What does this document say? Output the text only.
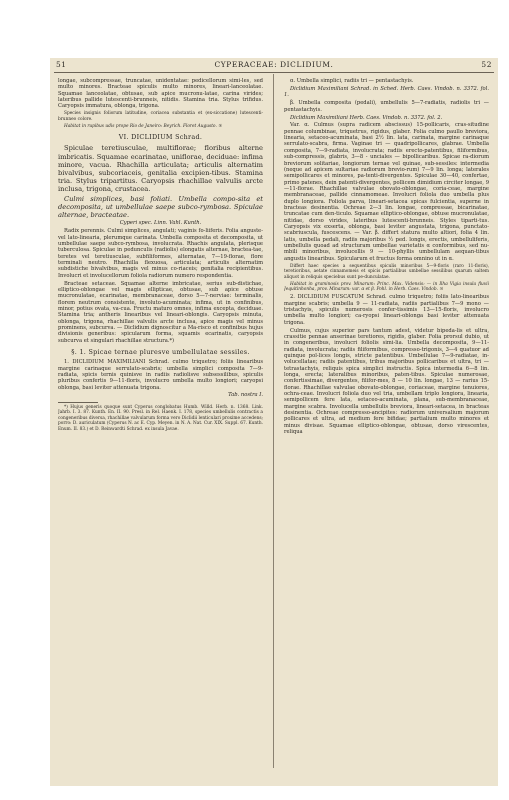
51	CYPERACEAE: DICLIDIUM.	52

longae, subcompressae, truncatae, unidentatae: pedicellorum simi-les, sed multo minores. Bracteae spiculis multo minores, lineari-lanceolatae. Squamae lanceolatae, obtusae, sub apice mucronu-latae, carina virides; lateribus pallide lutescenti-brunneis, nitidis. Stamina tria. Stylus trifidus. Caryopsis immatura, oblonga, trigona.

Species insignis foliorum latitudine, coriacea substantia et (ex-siccatione) lutescenti-brunneo colore.

Habitat in rupibus udis prope Rio de Janeiro: Beyrich. Floret Augusto. ♃

VI. DICLIDIUM Schrad.

Spiculae teretiusculae, multiflorae; floribus alterne imbricatis. Squamae ecarinatae, uniflorae, deciduae: infima minore, vacua. Rhachilla articulata; articulis alternatim bivalvibus, subcoriaceis, genitalia excipien-tibus. Stamina tria. Stylus tripartitus. Caryopsis rhachillae valvulis arcte inclusa, trigona, crustacea.

Culmi simplices, basi foliati. Umbella compo-sita et decomposita, ut umbellulae saepe subco-rymbosa. Spiculae alternae, bracteatae.

Cyperi spec. Linn. Vahl. Kunth.

Radix perennis. Culmi simplices, angulati; vaginis fo-liiferis. Folia anguste- vel lato-linearia, plerumque carinata. Umbella composita et decomposita, ut umbellulae saepe subco-rymbosa, involucrata. Rhachis angulata, plerisque tuberculosa. Spiculae in pedunculis (radiolis) elongatis alternae, bractea-tae, teretes vel teretiusculae, subfiliformes, alternatae, 7—19-florae, flore terminali neutro. Rhachilla flexuosa, articulata; articulis alternatim subdistiche bivalvibus, magis vel minus co-riaceis; genitalia recipientibus. Involucri et involucellorum foliola radiorum numero respondentia.

Bracteae setaceae. Squamae alterne imbricatae, serius sub-distichae, elliptico-oblongae vel magis ellipticae, obtusae, sub apice obtuse mucronulatae, ecarinatae, membranaceae, dorso 5—7-nerviae: terminalis, florem neutrum consistente, involuto-acuminata; infima, ut in confinibus, minor, potius ovata, va-cua. Fructu maturo omnes, infima excepta, deciduae. Stamina tria; antheris linearibus vel lineari-oblongis. Caryopsis minuta, oblonga, trigona, rhachillae valvulis arcte inclusa, apice magis vel minus prominens, subcurva. — Diclidium dignoscitur a Ma-risco et confinibus hujus divisionis generibus: spicularum forma, squamis ecarinatis, caryopsis subcurva et singulari rhachillae structura.*)

§. 1. Spicae ternae pluresve umbellulatae sessiles.

1. DICLIDIUM MAXIMILIANI Schrad. culmo triquetro; foliis linearibus margine carinaque serrulato-scabris; umbella simplici composita 7—9-radiata, spicis ternis quinisve in radiis radiolisve subsessilibus, spiculis pluribus confertis 9—11-floris, involucro umbella multo longiori; caryopsi oblonga, basi leviter attenuata trigona.

Tab. nostra I.

*) Hujus generis quoque sunt Cyperus conglobatus Humb. Willd. Herb. n. 1368. Link. Jahrb. I. 3. 87. Kunth. En. II. 90. Presl. in Rel. Haenk. I. 178, species umbellulis contractis a congeneribus diversa, rhachillae valvularum forma vero Diclidii lenticulari proxime accedens; porro: D. auriculatum (Cyperus N. ac E. Cyp. Meyen. in N. A. Nat. Cur. XIX. Suppl. 67. Kunth. Enum. II. 83.) et D. Reinwardti Schrad. ex insula Javae.

α. Umbella simplici, radiis tri — pentastachyis.

Diclidium Maximiliani Schrad. in Sched. Herb. Caes. Vindob. n. 3372. fol. 1.

β. Umbella composita (pedali), umbellulis 5—7-radiatis, radiolis tri — pentastachyis.

Diclidium Maximiliani Herb. Caes. Vindob. n. 3372. fol. 2.

Var. α. Culmus (supra radicem abscissus) 15-pollicaris, cras-situdine pennae columbinae, triquetrus, rigidus, glaber. Folia culmo paullo breviora, linearia, setaceo-acuminata, basi 2½ lin. lata, carinata, margine carinaque serrulato-scabra, firma. Vaginae tri — quadripollicares, glabrae. Umbella composita, 7—9-radiata, involucrata; radiis erecto-patentibus, filiformibus, sub-compressis, glabris, 3—8 - unciales — bipollicaribus. Spicae ra-diorum breviorum solitariae, longiorum ternae vel quinae, sub-sessiles: intermedia (neque ad apicem sultariae radiorum brevio-rum) 7—9 lin. longa; laterales semipollicares et minores, pa-tenti-divergentes. Spiculae 30—40, confertae, primo patenes, dein patenti-divergentes, pollicem dimidium circiter longae, 9—11-florae. Rhachillae valvulae obovato-oblongae, coria-ceae, margine membranaceae, pallide cinnamomeae. Involucri foliola duo umbella plus duplo longiora. Foliola parva, lineari-setacea spicas fulcientia, superne in bracteas desinentia. Ochreae 2—3 lin. longae, compressae, bicarinatae, truncatae cum den-ticulo. Squamae elliptico-oblongae, obtuse mucronulatae, nitidae, dorso virides, lateribus lutescenti-brunneis. Styles tiparti-tus. Caryopsis vix exserta, oblonga, basi leviter angustata, trigona, punctato-scabriuscula, fuscescens. — Var. β. differt statura multo altiori, folia 4 lin. latis, umbella pedali, radiis majoribus ½ ped. longis, erectis, umbelluliferis, umbellulis quoad ad structuram umbellae varietatis α conformibus, sed nu-mbili minoribus, involucellis 9 — 10-phyllis umbellulam aequan-tibus angustis linearibus. Spicularum et fructus forma omnino ut in α.

Differt haec species a sequentibus spiculis minoribus 5—9-floris (raro 11-floris), teretioribus, aetate cinnamomeis et spicis partialibus umbellae sessilibus quarum saltem aliquot in reliquis speciebus sunt pe-dunculatae.

Habitat in graminosis prov. Minarum: Princ. Max. Vidensis: — in Ilha Vigia insula fluvii Jequitinhonha, prov. Minarum: var. α et β. Pohl. in Herb. Caes. Vindob. ♃

2. DICLIDIUM FUSCATUM Schrad. culmo triquetro; foliis lato-linearibus margine scabris; umbella 9 — 11-radiata, radiis partialibus 7—9 mono — tristachyis, spiculis numerosis confer-tissimis 13—15-floris, involucro umbella multo longiori; ca-ryopsi lineari-oblonga basi leviter attenuata trigona.

Culmus, cujus superior pars tantum adest, videtur bipeda-lis et ultra, crassitie pennae anserinae teretiores, rigidis, glaber. Folia prorsul dubio, ut in congeneribus, involucri foliolis simi-lia. Umbella decomposita, 9—11-radiata, involucrata; radiis filiformibus, compresso-trigonis, 3—4 quatuor ad quinque pol-lices longis, stricte patentibus. Umbellulae 7—9-radiatae, in-volucellatae; radiis patentibus, tribus majoribus pollicaribus et ultra, tri — tetrastachyis, reliquis spica simplici instructis. Spica intermedia 6—8 lin. longa, erecta; lateralibus minoribus, paten-tibus. Spiculae numerosae, confertissimae, divergentes, filifor-mes, 8 — 10 lin. longae, 13 — rarius 15-florae. Rhachillae valvulae obovato-oblongae, coriaceae, margine tenuiores, ochra-ceae. Involucri foliola duo vel tria, umbellam triplo longiora, linearia, semipollicem fere lata, setaceo-acuminata, plana, sub-membranaceae, margine scabra. Involucella umbellulis breviora, lineari-setacea, in bracteas desinentia. Ochreae compresso-ancipites: radiorum universalium majorum pollicares et ultra, ad medium fere bifidae; partialium multo minores et minus divisae. Squamae elliptico-oblongae, obtusae, dorso virescentes, reliqua
